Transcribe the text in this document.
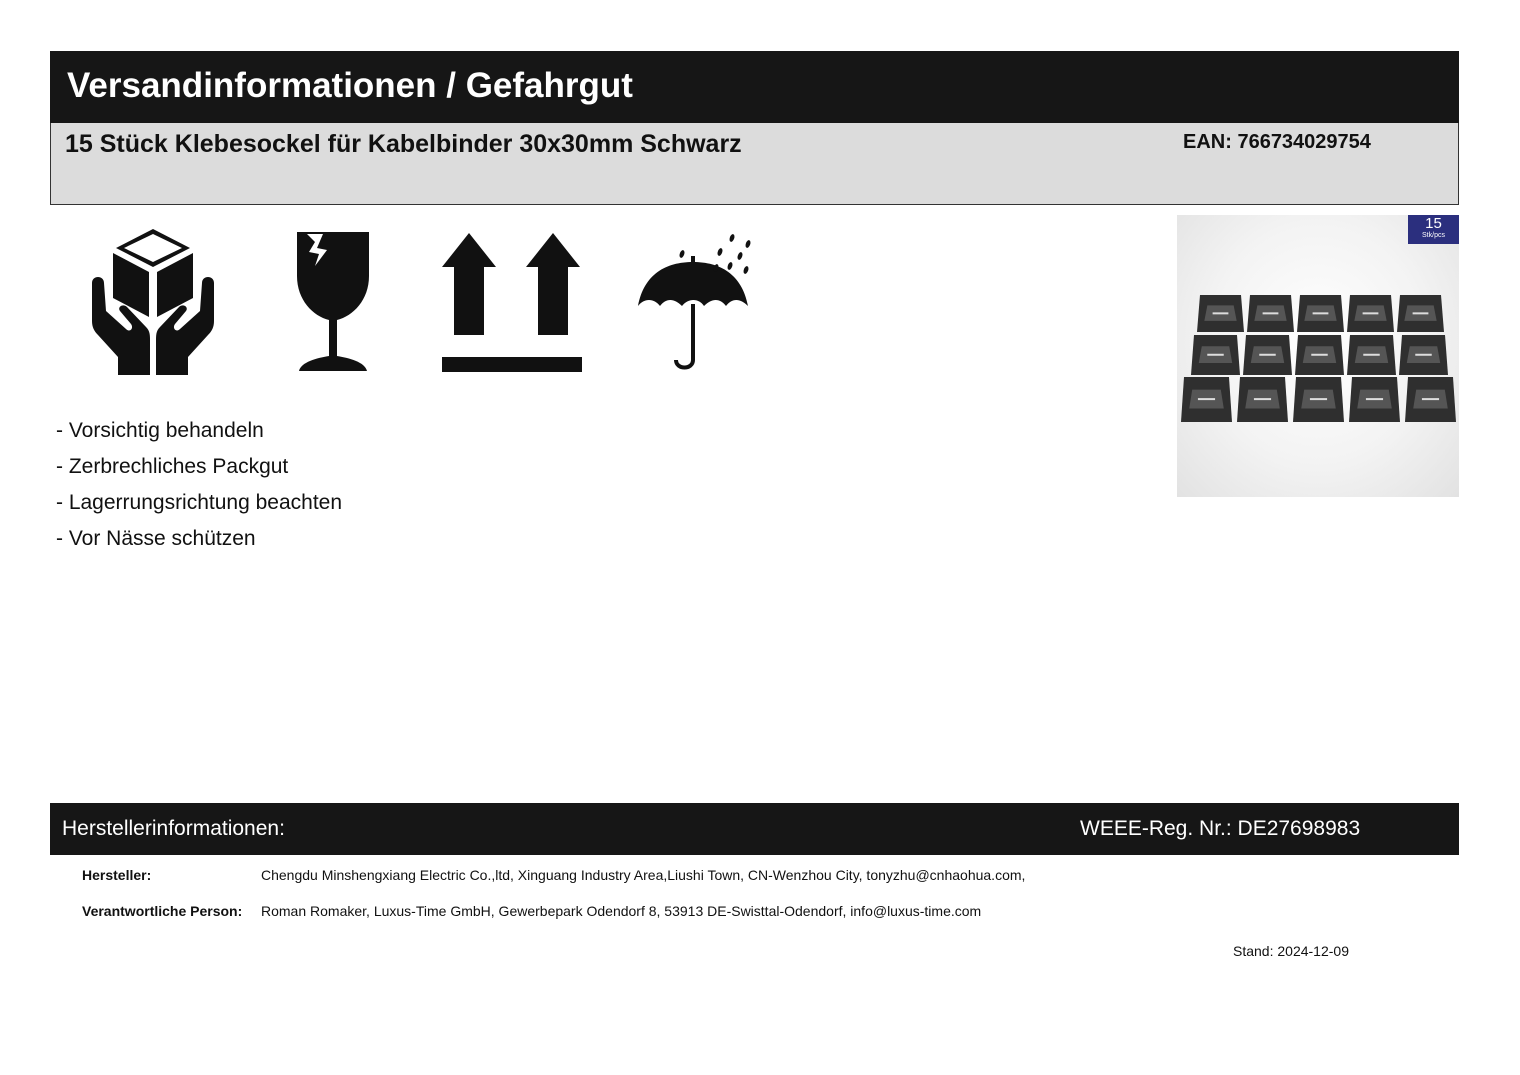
Versandinformationen / Gefahrgut
15 Stück Klebesockel für Kabelbinder 30x30mm Schwarz	EAN: 766734029754
- Vorsichtig behandeln
- Zerbrechliches Packgut
- Lagerrungsrichtung beachten
- Vor Nässe schützen
15
Stk/pcs
Herstellerinformationen:	WEEE-Reg. Nr.: DE27698983
Hersteller:	Chengdu Minshengxiang Electric Co.,ltd, Xinguang Industry Area,Liushi Town, CN-Wenzhou City, tonyzhu@cnhaohua.com,
Verantwortliche Person: Roman Romaker, Luxus-Time GmbH, Gewerbepark Odendorf 8, 53913 DE-Swisttal-Odendorf, info@luxus-time.com
Stand: 2024-12-09
